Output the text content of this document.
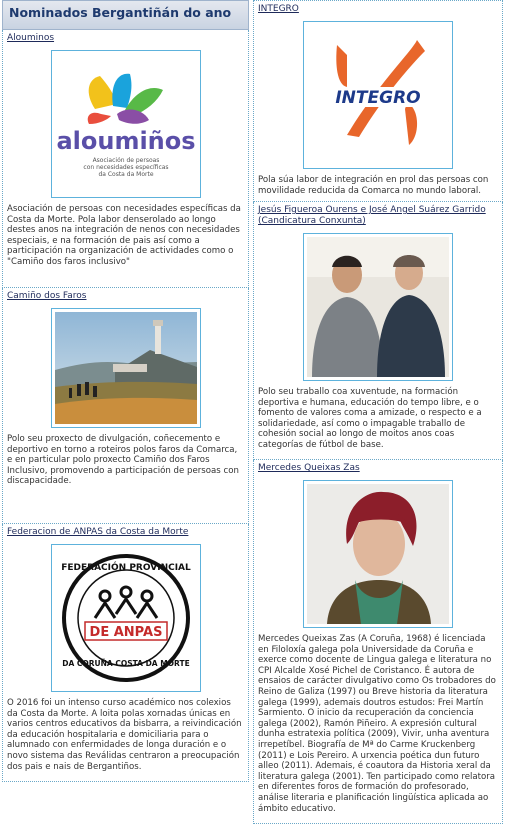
Nominados Bergantiñán do ano
Alouminos
aloumiños
Asociación de persoas
con necesidades específicas
da Costa da Morte
Asociación de persoas con necesidades específicas da Costa da Morte. Pola labor denserolado ao longo destes anos na integración de nenos con necesidades especiais, e na formación de pais así como a participación na organización de actividades como o "Camiño dos faros inclusivo"
Camiño dos Faros
Polo seu proxecto de divulgación, coñecemento e deportivo en torno a roteiros polos faros da Comarca, e en particular polo proxecto Camiño dos Faros Inclusivo, promovendo a participación de persoas con discapacidade.
Federacion de ANPAS da Costa da Morte
FEDERACIÓN PROVINCIAL
DE ANPAS
DA CORUÑA COSTA DA MORTE
O 2016 foi un intenso curso académico nos colexios da Costa da Morte. A loita polas xornadas únicas en varios centros educativos da bisbarra, a reivindicación da educación hospitalaria e domiciliaria para o alumnado con enfermidades de longa duración e o novo sistema das Reválidas centraron a preocupación dos pais e nais de Bergantiños.
INTEGRO
INTEGRO
Pola súa labor de integración en prol das persoas con movilidade reducida da Comarca no mundo laboral.
Jesús Figueroa Ourens e José Angel Suárez Garrido (Candicatura Conxunta)
Polo seu traballo coa xuventude, na formación deportiva e humana, educación do tempo libre, e o fomento de valores coma a amizade, o respecto e a solidariedade, así como o impagable traballo de cohesión social ao longo de moitos anos coas categorías de fútbol de base.
Mercedes Queixas Zas
Mercedes Queixas Zas (A Coruña, 1968) é licenciada en Filoloxía galega pola Universidade da Coruña e exerce como docente de Lingua galega e literatura no CPI Alcalde Xosé Pichel de Coristanco. É autora de ensaios de carácter divulgativo como Os trobadores do Reino de Galiza (1997) ou Breve historia da literatura galega (1999), ademais doutros estudos: Frei Martín Sarmiento. O inicio da recuperación da conciencia galega (2002), Ramón Piñeiro. A expresión cultural dunha estratexia política (2009), Vivir, unha aventura irrepetíbel. Biografía de Mª do Carme Kruckenberg (2011) e Lois Pereiro. A urxencia poética dun futuro alleo (2011). Ademais, é coautora da Historia xeral da literatura galega (2001). Ten participado como relatora en diferentes foros de formación do profesorado, análise literaria e planificación lingüística aplicada ao ámbito educativo.
